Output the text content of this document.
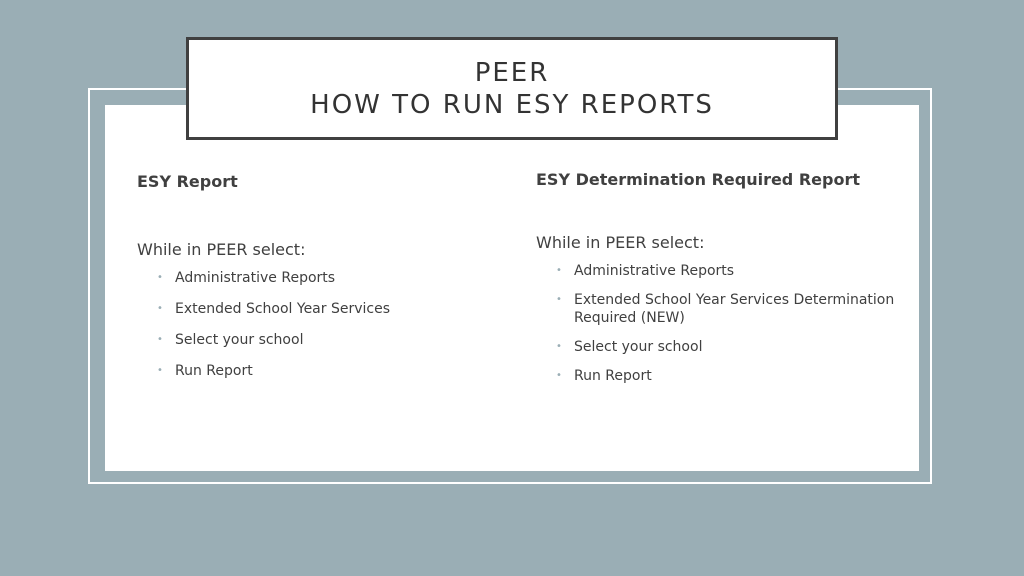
PEER
HOW TO RUN ESY REPORTS
ESY Report
While in PEER select:
• Administrative Reports
• Extended School Year Services
• Select your school
• Run Report
ESY Determination Required Report
While in PEER select:
• Administrative Reports
• Extended School Year Services Determination Required (NEW)
• Select your school
• Run Report
